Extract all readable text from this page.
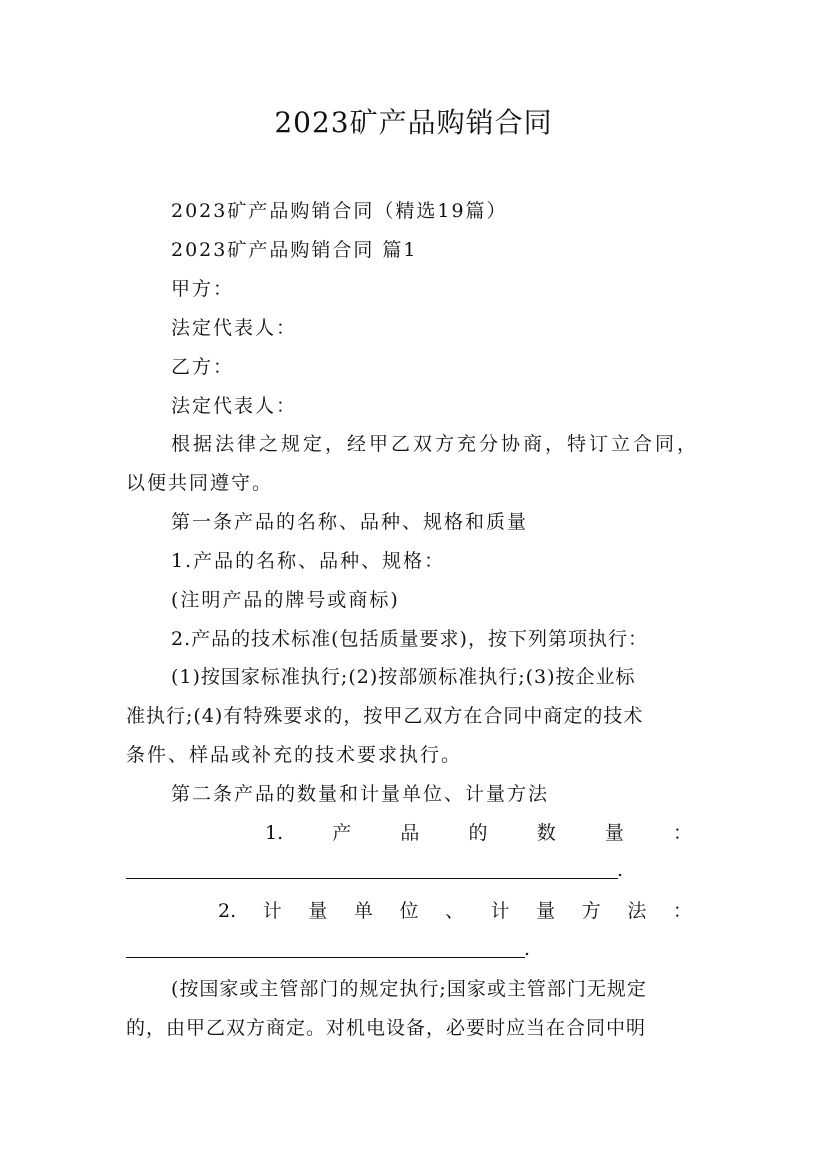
2023矿产品购销合同
2023矿产品购销合同（精选19篇）
2023矿产品购销合同 篇1
甲方：
法定代表人：
乙方：
法定代表人：
根据法律之规定，经甲乙双方充分协商，特订立合同，
以便共同遵守。
第一条产品的名称、品种、规格和质量
1.产品的名称、品种、规格：
(注明产品的牌号或商标)
2.产品的技术标准(包括质量要求)，按下列第项执行：
(1)按国家标准执行;(2)按部颁标准执行;(3)按企业标
准执行;(4)有特殊要求的，按甲乙双方在合同中商定的技术
条件、样品或补充的技术要求执行。
第二条产品的数量和计量单位、计量方法
1.	产	品	的	数	量	：
.
2. 计 量 单 位 、 计 量 方 法 ：
.
(按国家或主管部门的规定执行;国家或主管部门无规定
的，由甲乙双方商定。对机电设备，必要时应当在合同中明
